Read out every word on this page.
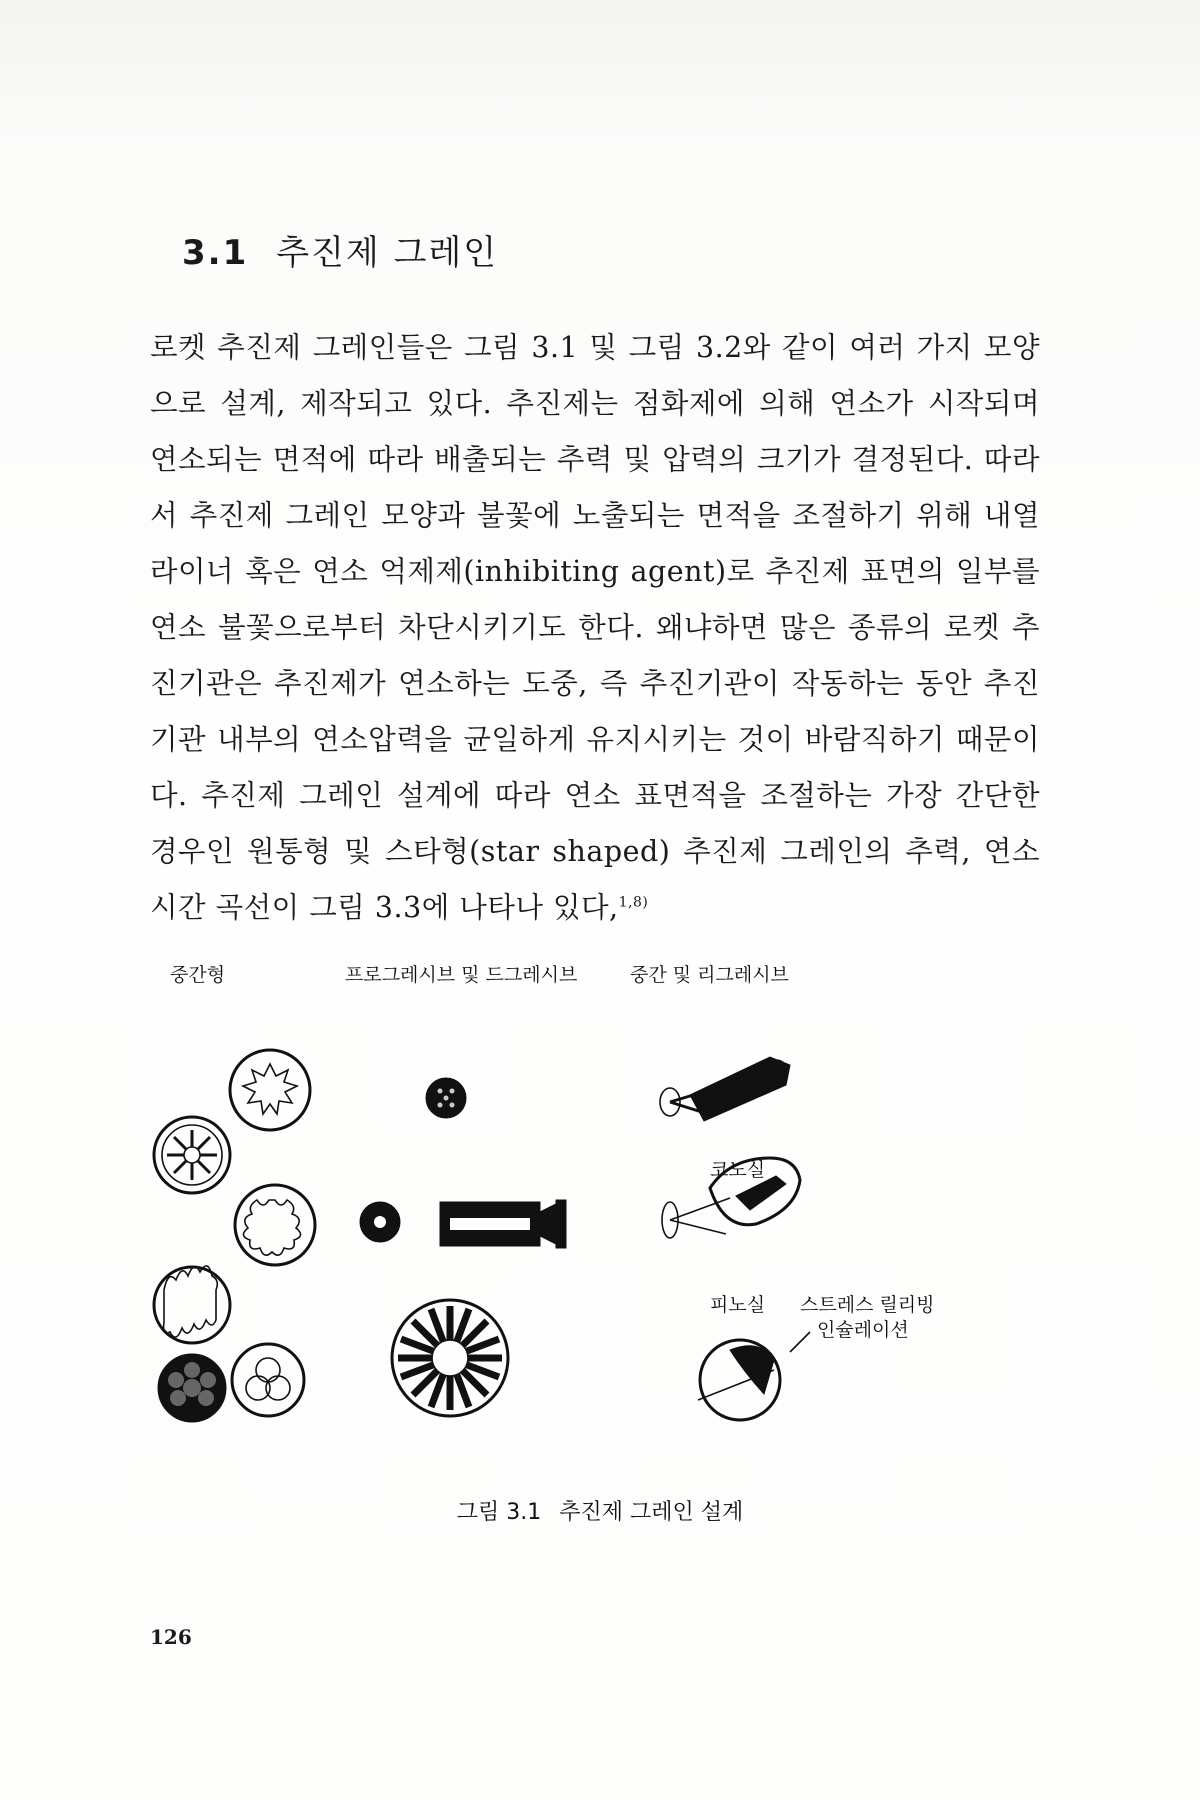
3.1 추진제 그레인

로켓 추진제 그레인들은 그림 3.1 및 그림 3.2와 같이 여러 가지 모양으로 설계, 제작되고 있다. 추진제는 점화제에 의해 연소가 시작되며 연소되는 면적에 따라 배출되는 추력 및 압력의 크기가 결정된다. 따라서 추진제 그레인 모양과 불꽃에 노출되는 면적을 조절하기 위해 내열 라이너 혹은 연소 억제제(inhibiting agent)로 추진제 표면의 일부를 연소 불꽃으로부터 차단시키기도 한다. 왜냐하면 많은 종류의 로켓 추진기관은 추진제가 연소하는 도중, 즉 추진기관이 작동하는 동안 추진기관 내부의 연소압력을 균일하게 유지시키는 것이 바람직하기 때문이다. 추진제 그레인 설계에 따라 연소 표면적을 조절하는 가장 간단한 경우인 원통형 및 스타형(star shaped) 추진제 그레인의 추력, 연소시간 곡선이 그림 3.3에 나타나 있다,$^{1,8)}$

중간형	프로그레시브 및 드그레시브	중간 및 리그레시브
코노실
피노실 스트레스 릴리빙
인슐레이션
그림 3.1 추진제 그레인 설계
126
